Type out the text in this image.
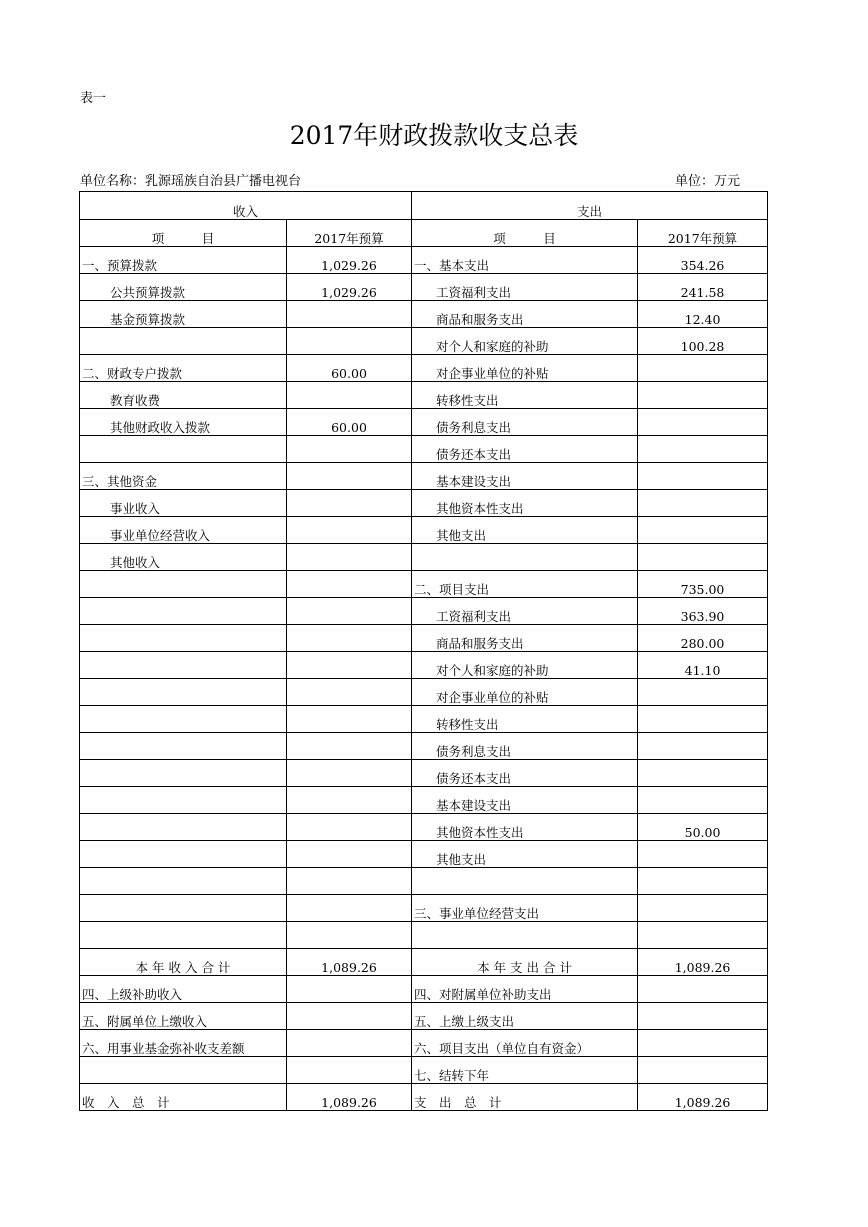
表一
2017年财政拨款收支总表
单位名称：乳源瑶族自治县广播电视台	单位：万元
收入		支出	
项　　　目	2017年预算	项　　　目	2017年预算
一、预算拨款	1,029.26	一、基本支出	354.26
公共预算拨款	1,029.26	工资福利支出	241.58
基金预算拨款		商品和服务支出	12.40
		对个人和家庭的补助	100.28
二、财政专户拨款	60.00	对企事业单位的补贴	
教育收费		转移性支出	
其他财政收入拨款	60.00	债务利息支出	
		债务还本支出	
三、其他资金		基本建设支出	
事业收入		其他资本性支出	
事业单位经营收入		其他支出	
其他收入			
		二、项目支出	735.00
		工资福利支出	363.90
		商品和服务支出	280.00
		对个人和家庭的补助	41.10
		对企事业单位的补贴	
		转移性支出	
		债务利息支出	
		债务还本支出	
		基本建设支出	
		其他资本性支出	50.00
		其他支出	

		三、事业单位经营支出	

本 年 收 入 合 计	1,089.26	本 年 支 出 合 计	1,089.26
四、上级补助收入		四、对附属单位补助支出	
五、附属单位上缴收入		五、上缴上级支出	
六、用事业基金弥补收支差额		六、项目支出（单位自有资金）	
		七、结转下年	
收　入　总　计	1,089.26	支　出　总　计	1,089.26
